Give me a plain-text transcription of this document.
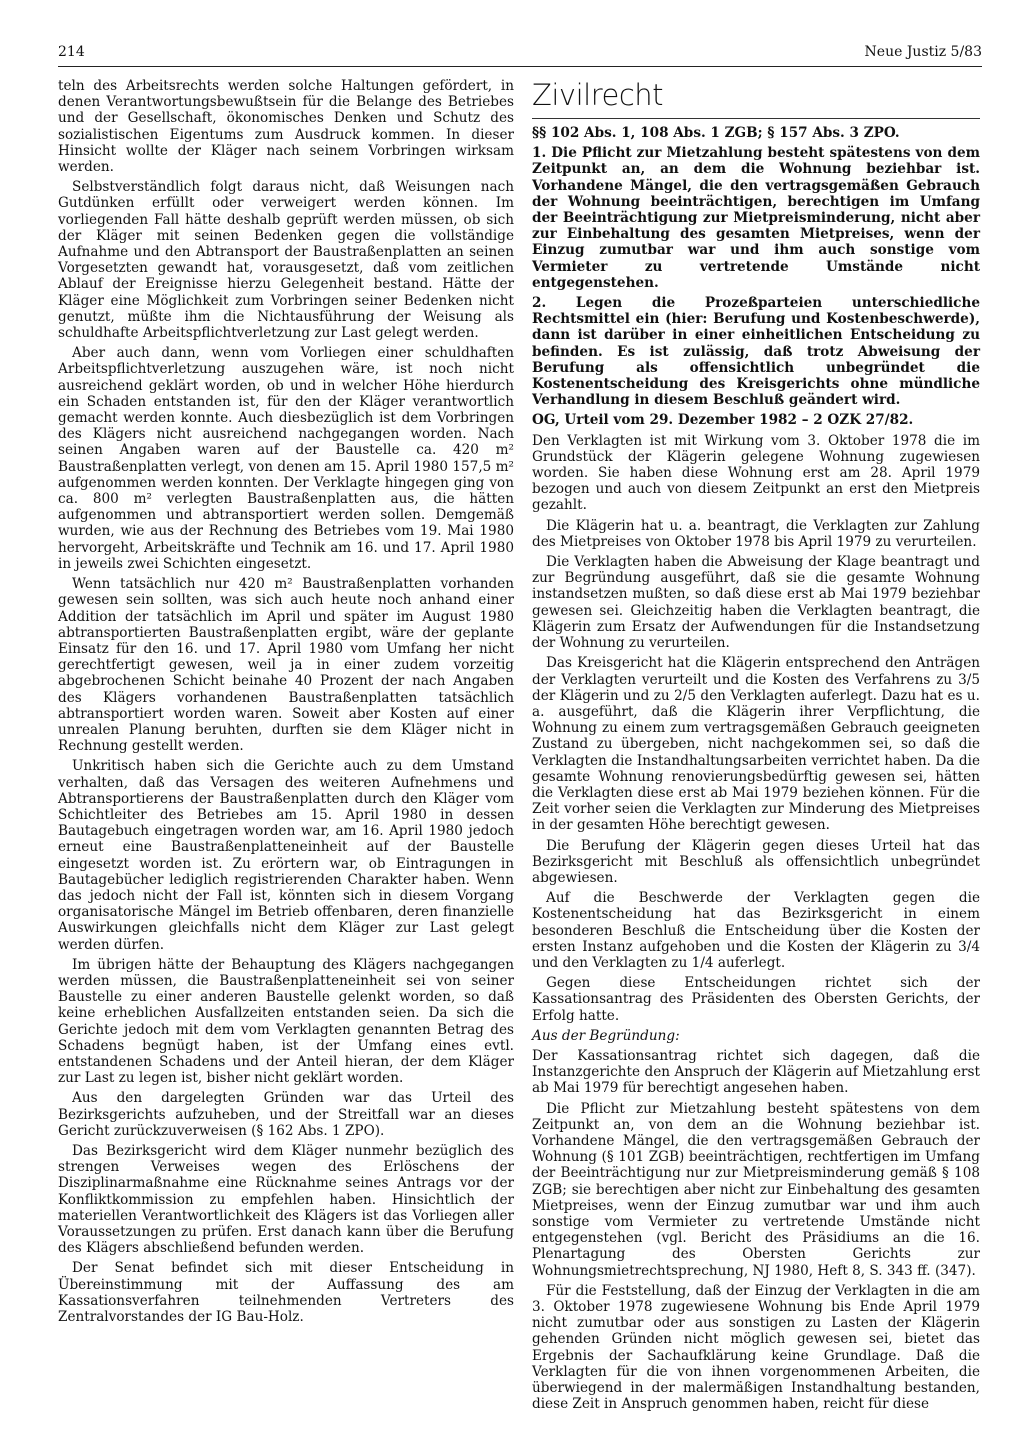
214	Neue Justiz 5/83

teln des Arbeitsrechts werden solche Haltungen gefördert, in denen Verantwortungsbewußtsein für die Belange des Betriebes und der Gesellschaft, ökonomisches Denken und Schutz des sozialistischen Eigentums zum Ausdruck kommen. In dieser Hinsicht wollte der Kläger nach seinem Vorbringen wirksam werden.

Selbstverständlich folgt daraus nicht, daß Weisungen nach Gutdünken erfüllt oder verweigert werden können. Im vorliegenden Fall hätte deshalb geprüft werden müssen, ob sich der Kläger mit seinen Bedenken gegen die vollständige Aufnahme und den Abtransport der Baustraßenplatten an seinen Vorgesetzten gewandt hat, vorausgesetzt, daß vom zeitlichen Ablauf der Ereignisse hierzu Gelegenheit bestand. Hätte der Kläger eine Möglichkeit zum Vorbringen seiner Bedenken nicht genutzt, müßte ihm die Nichtausführung der Weisung als schuldhafte Arbeitspflichtverletzung zur Last gelegt werden.

Aber auch dann, wenn vom Vorliegen einer schuldhaften Arbeitspflichtverletzung auszugehen wäre, ist noch nicht ausreichend geklärt worden, ob und in welcher Höhe hierdurch ein Schaden entstanden ist, für den der Kläger verantwortlich gemacht werden konnte. Auch diesbezüglich ist dem Vorbringen des Klägers nicht ausreichend nachgegangen worden. Nach seinen Angaben waren auf der Baustelle ca. 420 m² Baustraßenplatten verlegt, von denen am 15. April 1980 157,5 m² aufgenommen werden konnten. Der Verklagte hingegen ging von ca. 800 m² verlegten Baustraßenplatten aus, die hätten aufgenommen und abtransportiert werden sollen. Demgemäß wurden, wie aus der Rechnung des Betriebes vom 19. Mai 1980 hervorgeht, Arbeitskräfte und Technik am 16. und 17. April 1980 in jeweils zwei Schichten eingesetzt.

Wenn tatsächlich nur 420 m² Baustraßenplatten vorhanden gewesen sein sollten, was sich auch heute noch anhand einer Addition der tatsächlich im April und später im August 1980 abtransportierten Baustraßenplatten ergibt, wäre der geplante Einsatz für den 16. und 17. April 1980 vom Umfang her nicht gerechtfertigt gewesen, weil ja in einer zudem vorzeitig abgebrochenen Schicht beinahe 40 Prozent der nach Angaben des Klägers vorhandenen Baustraßenplatten tatsächlich abtransportiert worden waren. Soweit aber Kosten auf einer unrealen Planung beruhten, durften sie dem Kläger nicht in Rechnung gestellt werden.

Unkritisch haben sich die Gerichte auch zu dem Umstand verhalten, daß das Versagen des weiteren Aufnehmens und Abtransportierens der Baustraßenplatten durch den Kläger vom Schichtleiter des Betriebes am 15. April 1980 in dessen Bautagebuch eingetragen worden war, am 16. April 1980 jedoch erneut eine Baustraßenplatteneinheit auf der Baustelle eingesetzt worden ist. Zu erörtern war, ob Eintragungen in Bautagebücher lediglich registrierenden Charakter haben. Wenn das jedoch nicht der Fall ist, könnten sich in diesem Vorgang organisatorische Mängel im Betrieb offenbaren, deren finanzielle Auswirkungen gleichfalls nicht dem Kläger zur Last gelegt werden dürfen.

Im übrigen hätte der Behauptung des Klägers nachgegangen werden müssen, die Baustraßenplatteneinheit sei von seiner Baustelle zu einer anderen Baustelle gelenkt worden, so daß keine erheblichen Ausfallzeiten entstanden seien. Da sich die Gerichte jedoch mit dem vom Verklagten genannten Betrag des Schadens begnügt haben, ist der Umfang eines evtl. entstandenen Schadens und der Anteil hieran, der dem Kläger zur Last zu legen ist, bisher nicht geklärt worden.

Aus den dargelegten Gründen war das Urteil des Bezirksgerichts aufzuheben, und der Streitfall war an dieses Gericht zurückzuverweisen (§ 162 Abs. 1 ZPO).

Das Bezirksgericht wird dem Kläger nunmehr bezüglich des strengen Verweises wegen des Erlöschens der Disziplinarmaßnahme eine Rücknahme seines Antrags vor der Konfliktkommission zu empfehlen haben. Hinsichtlich der materiellen Verantwortlichkeit des Klägers ist das Vorliegen aller Voraussetzungen zu prüfen. Erst danach kann über die Berufung des Klägers abschließend befunden werden.

Der Senat befindet sich mit dieser Entscheidung in Übereinstimmung mit der Auffassung des am Kassationsverfahren teilnehmenden Vertreters des Zentralvorstandes der IG Bau-Holz.

Zivilrecht

§§ 102 Abs. 1, 108 Abs. 1 ZGB; § 157 Abs. 3 ZPO.

1. Die Pflicht zur Mietzahlung besteht spätestens von dem Zeitpunkt an, an dem die Wohnung beziehbar ist. Vorhandene Mängel, die den vertragsgemäßen Gebrauch der Wohnung beeinträchtigen, berechtigen im Umfang der Beeinträchtigung zur Mietpreisminderung, nicht aber zur Einbehaltung des gesamten Mietpreises, wenn der Einzug zumutbar war und ihm auch sonstige vom Vermieter zu vertretende Umstände nicht entgegenstehen.

2. Legen die Prozeßparteien unterschiedliche Rechtsmittel ein (hier: Berufung und Kostenbeschwerde), dann ist darüber in einer einheitlichen Entscheidung zu befinden. Es ist zulässig, daß trotz Abweisung der Berufung als offensichtlich unbegründet die Kostenentscheidung des Kreisgerichts ohne mündliche Verhandlung in diesem Beschluß geändert wird.

OG, Urteil vom 29. Dezember 1982 – 2 OZK 27/82.

Den Verklagten ist mit Wirkung vom 3. Oktober 1978 die im Grundstück der Klägerin gelegene Wohnung zugewiesen worden. Sie haben diese Wohnung erst am 28. April 1979 bezogen und auch von diesem Zeitpunkt an erst den Mietpreis gezahlt.

Die Klägerin hat u. a. beantragt, die Verklagten zur Zahlung des Mietpreises von Oktober 1978 bis April 1979 zu verurteilen.

Die Verklagten haben die Abweisung der Klage beantragt und zur Begründung ausgeführt, daß sie die gesamte Wohnung instandsetzen mußten, so daß diese erst ab Mai 1979 beziehbar gewesen sei. Gleichzeitig haben die Verklagten beantragt, die Klägerin zum Ersatz der Aufwendungen für die Instandsetzung der Wohnung zu verurteilen.

Das Kreisgericht hat die Klägerin entsprechend den Anträgen der Verklagten verurteilt und die Kosten des Verfahrens zu 3/5 der Klägerin und zu 2/5 den Verklagten auferlegt. Dazu hat es u. a. ausgeführt, daß die Klägerin ihrer Verpflichtung, die Wohnung zu einem zum vertragsgemäßen Gebrauch geeigneten Zustand zu übergeben, nicht nachgekommen sei, so daß die Verklagten die Instandhaltungsarbeiten verrichtet haben. Da die gesamte Wohnung renovierungsbedürftig gewesen sei, hätten die Verklagten diese erst ab Mai 1979 beziehen können. Für die Zeit vorher seien die Verklagten zur Minderung des Mietpreises in der gesamten Höhe berechtigt gewesen.

Die Berufung der Klägerin gegen dieses Urteil hat das Bezirksgericht mit Beschluß als offensichtlich unbegründet abgewiesen.

Auf die Beschwerde der Verklagten gegen die Kostenentscheidung hat das Bezirksgericht in einem besonderen Beschluß die Entscheidung über die Kosten der ersten Instanz aufgehoben und die Kosten der Klägerin zu 3/4 und den Verklagten zu 1/4 auferlegt.

Gegen diese Entscheidungen richtet sich der Kassationsantrag des Präsidenten des Obersten Gerichts, der Erfolg hatte.

Aus der Begründung:

Der Kassationsantrag richtet sich dagegen, daß die Instanzgerichte den Anspruch der Klägerin auf Mietzahlung erst ab Mai 1979 für berechtigt angesehen haben.

Die Pflicht zur Mietzahlung besteht spätestens von dem Zeitpunkt an, von dem an die Wohnung beziehbar ist. Vorhandene Mängel, die den vertragsgemäßen Gebrauch der Wohnung (§ 101 ZGB) beeinträchtigen, rechtfertigen im Umfang der Beeinträchtigung nur zur Mietpreisminderung gemäß § 108 ZGB; sie berechtigen aber nicht zur Einbehaltung des gesamten Mietpreises, wenn der Einzug zumutbar war und ihm auch sonstige vom Vermieter zu vertretende Umstände nicht entgegenstehen (vgl. Bericht des Präsidiums an die 16. Plenartagung des Obersten Gerichts zur Wohnungsmietrechtsprechung, NJ 1980, Heft 8, S. 343 ff. (347).

Für die Feststellung, daß der Einzug der Verklagten in die am 3. Oktober 1978 zugewiesene Wohnung bis Ende April 1979 nicht zumutbar oder aus sonstigen zu Lasten der Klägerin gehenden Gründen nicht möglich gewesen sei, bietet das Ergebnis der Sachaufklärung keine Grundlage. Daß die Verklagten für die von ihnen vorgenommenen Arbeiten, die überwiegend in der malermäßigen Instandhaltung bestanden, diese Zeit in Anspruch genommen haben, reicht für diese
